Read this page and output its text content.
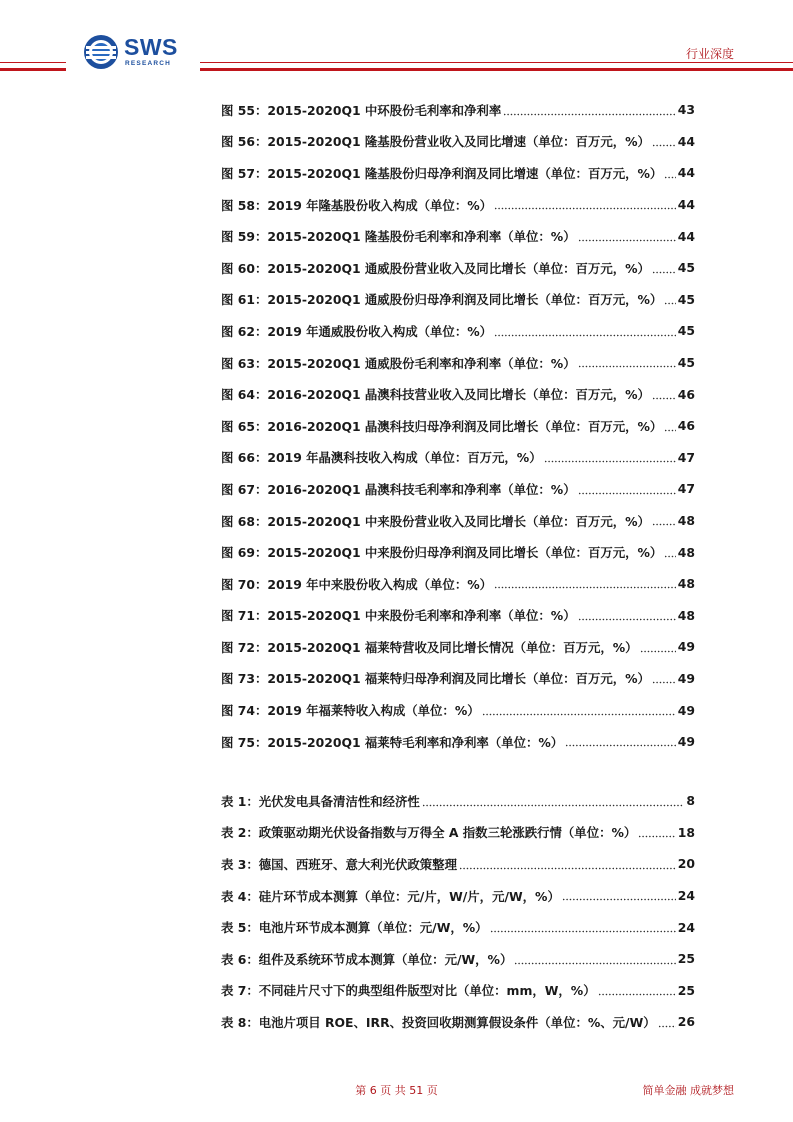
SWS
RESEARCH
行业深度
图 55：2015-2020Q1 中环股份毛利率和净利率	43
图 56：2015-2020Q1 隆基股份营业收入及同比增速（单位：百万元，%） 44
图 57：2015-2020Q1 隆基股份归母净利润及同比增速（单位：百万元，%） 44
图 58：2019 年隆基股份收入构成（单位：%）	44
图 59：2015-2020Q1 隆基股份毛利率和净利率（单位：%）	44
图 60：2015-2020Q1 通威股份营业收入及同比增长（单位：百万元，%） 45
图 61：2015-2020Q1 通威股份归母净利润及同比增长（单位：百万元，%） 45
图 62：2019 年通威股份收入构成（单位：%）	45
图 63：2015-2020Q1 通威股份毛利率和净利率（单位：%）	45
图 64：2016-2020Q1 晶澳科技营业收入及同比增长（单位：百万元，%） 46
图 65：2016-2020Q1 晶澳科技归母净利润及同比增长（单位：百万元，%） 46
图 66：2019 年晶澳科技收入构成（单位：百万元，%）	47
图 67：2016-2020Q1 晶澳科技毛利率和净利率（单位：%）	47
图 68：2015-2020Q1 中来股份营业收入及同比增长（单位：百万元，%） 48
图 69：2015-2020Q1 中来股份归母净利润及同比增长（单位：百万元，%） 48
图 70：2019 年中来股份收入构成（单位：%）	48
图 71：2015-2020Q1 中来股份毛利率和净利率（单位：%）	48
图 72：2015-2020Q1 福莱特营收及同比增长情况（单位：百万元，%）	49
图 73：2015-2020Q1 福莱特归母净利润及同比增长（单位：百万元，%） 49
图 74：2019 年福莱特收入构成（单位：%）	49
图 75：2015-2020Q1 福莱特毛利率和净利率（单位：%）	49
表 1：光伏发电具备清洁性和经济性	8
表 2：政策驱动期光伏设备指数与万得全 A 指数三轮涨跌行情（单位：%）	18
表 3：德国、西班牙、意大利光伏政策整理	20
表 4：硅片环节成本测算（单位：元/片，W/片，元/W，%）	24
表 5：电池片环节成本测算（单位：元/W，%）	24
表 6：组件及系统环节成本测算（单位：元/W，%）	25
表 7：不同硅片尺寸下的典型组件版型对比（单位：mm，W，%）	25
表 8：电池片项目 ROE、IRR、投资回收期测算假设条件（单位：%、元/W） 26
第 6 页 共 51 页	简单金融 成就梦想
